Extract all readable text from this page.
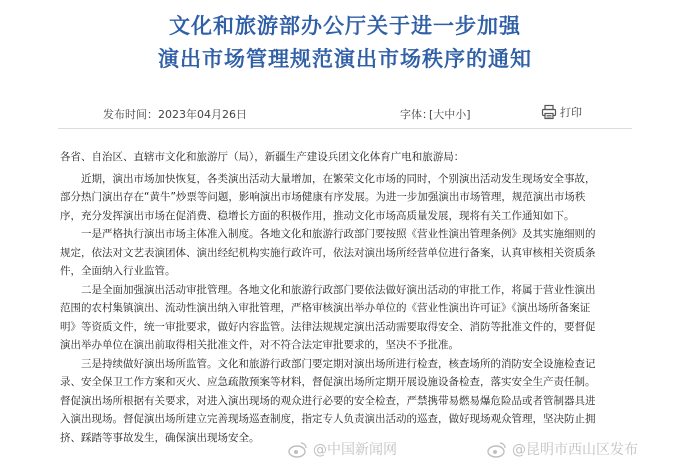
文化和旅游部办公厅关于进一步加强
演出市场管理规范演出市场秩序的通知
发布时间： 2023年04月26日	字体：
[大中小]	打印
各省、自治区、直辖市文化和旅游厅（局），新疆生产建设兵团文化体育广电和旅游局：
近期，演出市场加快恢复，各类演出活动大量增加，在繁荣文化市场的同时，个别演出活动发生现场安全事故，
部分热门演出存在“黄牛”炒票等问题，影响演出市场健康有序发展。为进一步加强演出市场管理，规范演出市场秩
序，充分发挥演出市场在促消费、稳增长方面的积极作用，推动文化市场高质量发展，现将有关工作通知如下。
一是严格执行演出市场主体准入制度。各地文化和旅游行政部门要按照《营业性演出管理条例》及其实施细则的
规定，依法对文艺表演团体、演出经纪机构实施行政许可，依法对演出场所经营单位进行备案，认真审核相关资质条
件，全面纳入行业监管。
二是全面加强演出活动审批管理。各地文化和旅游行政部门要依法做好演出活动的审批工作，将属于营业性演出
范围的农村集镇演出、流动性演出纳入审批管理，严格审核演出举办单位的《营业性演出许可证》《演出场所备案证
明》等资质文件，统一审批要求，做好内容监管。法律法规规定演出活动需要取得安全、消防等批准文件的，要督促
演出举办单位在演出前取得相关批准文件，对不符合法定审批要求的，坚决不予批准。
三是持续做好演出场所监管。文化和旅游行政部门要定期对演出场所进行检查，核查场所的消防安全设施检查记
录、安全保卫工作方案和灭火、应急疏散预案等材料，督促演出场所定期开展设施设备检查，落实安全生产责任制。
督促演出场所根据有关要求，对进入演出现场的观众进行必要的安全检查，严禁携带易燃易爆危险品或者管制器具进
入演出现场。督促演出场所建立完善现场巡查制度，指定专人负责演出活动的巡查，做好现场观众管理，坚决防止拥
挤、踩踏等事故发生，确保演出现场安全。
@中国新闻网	@昆明市西山区发布
